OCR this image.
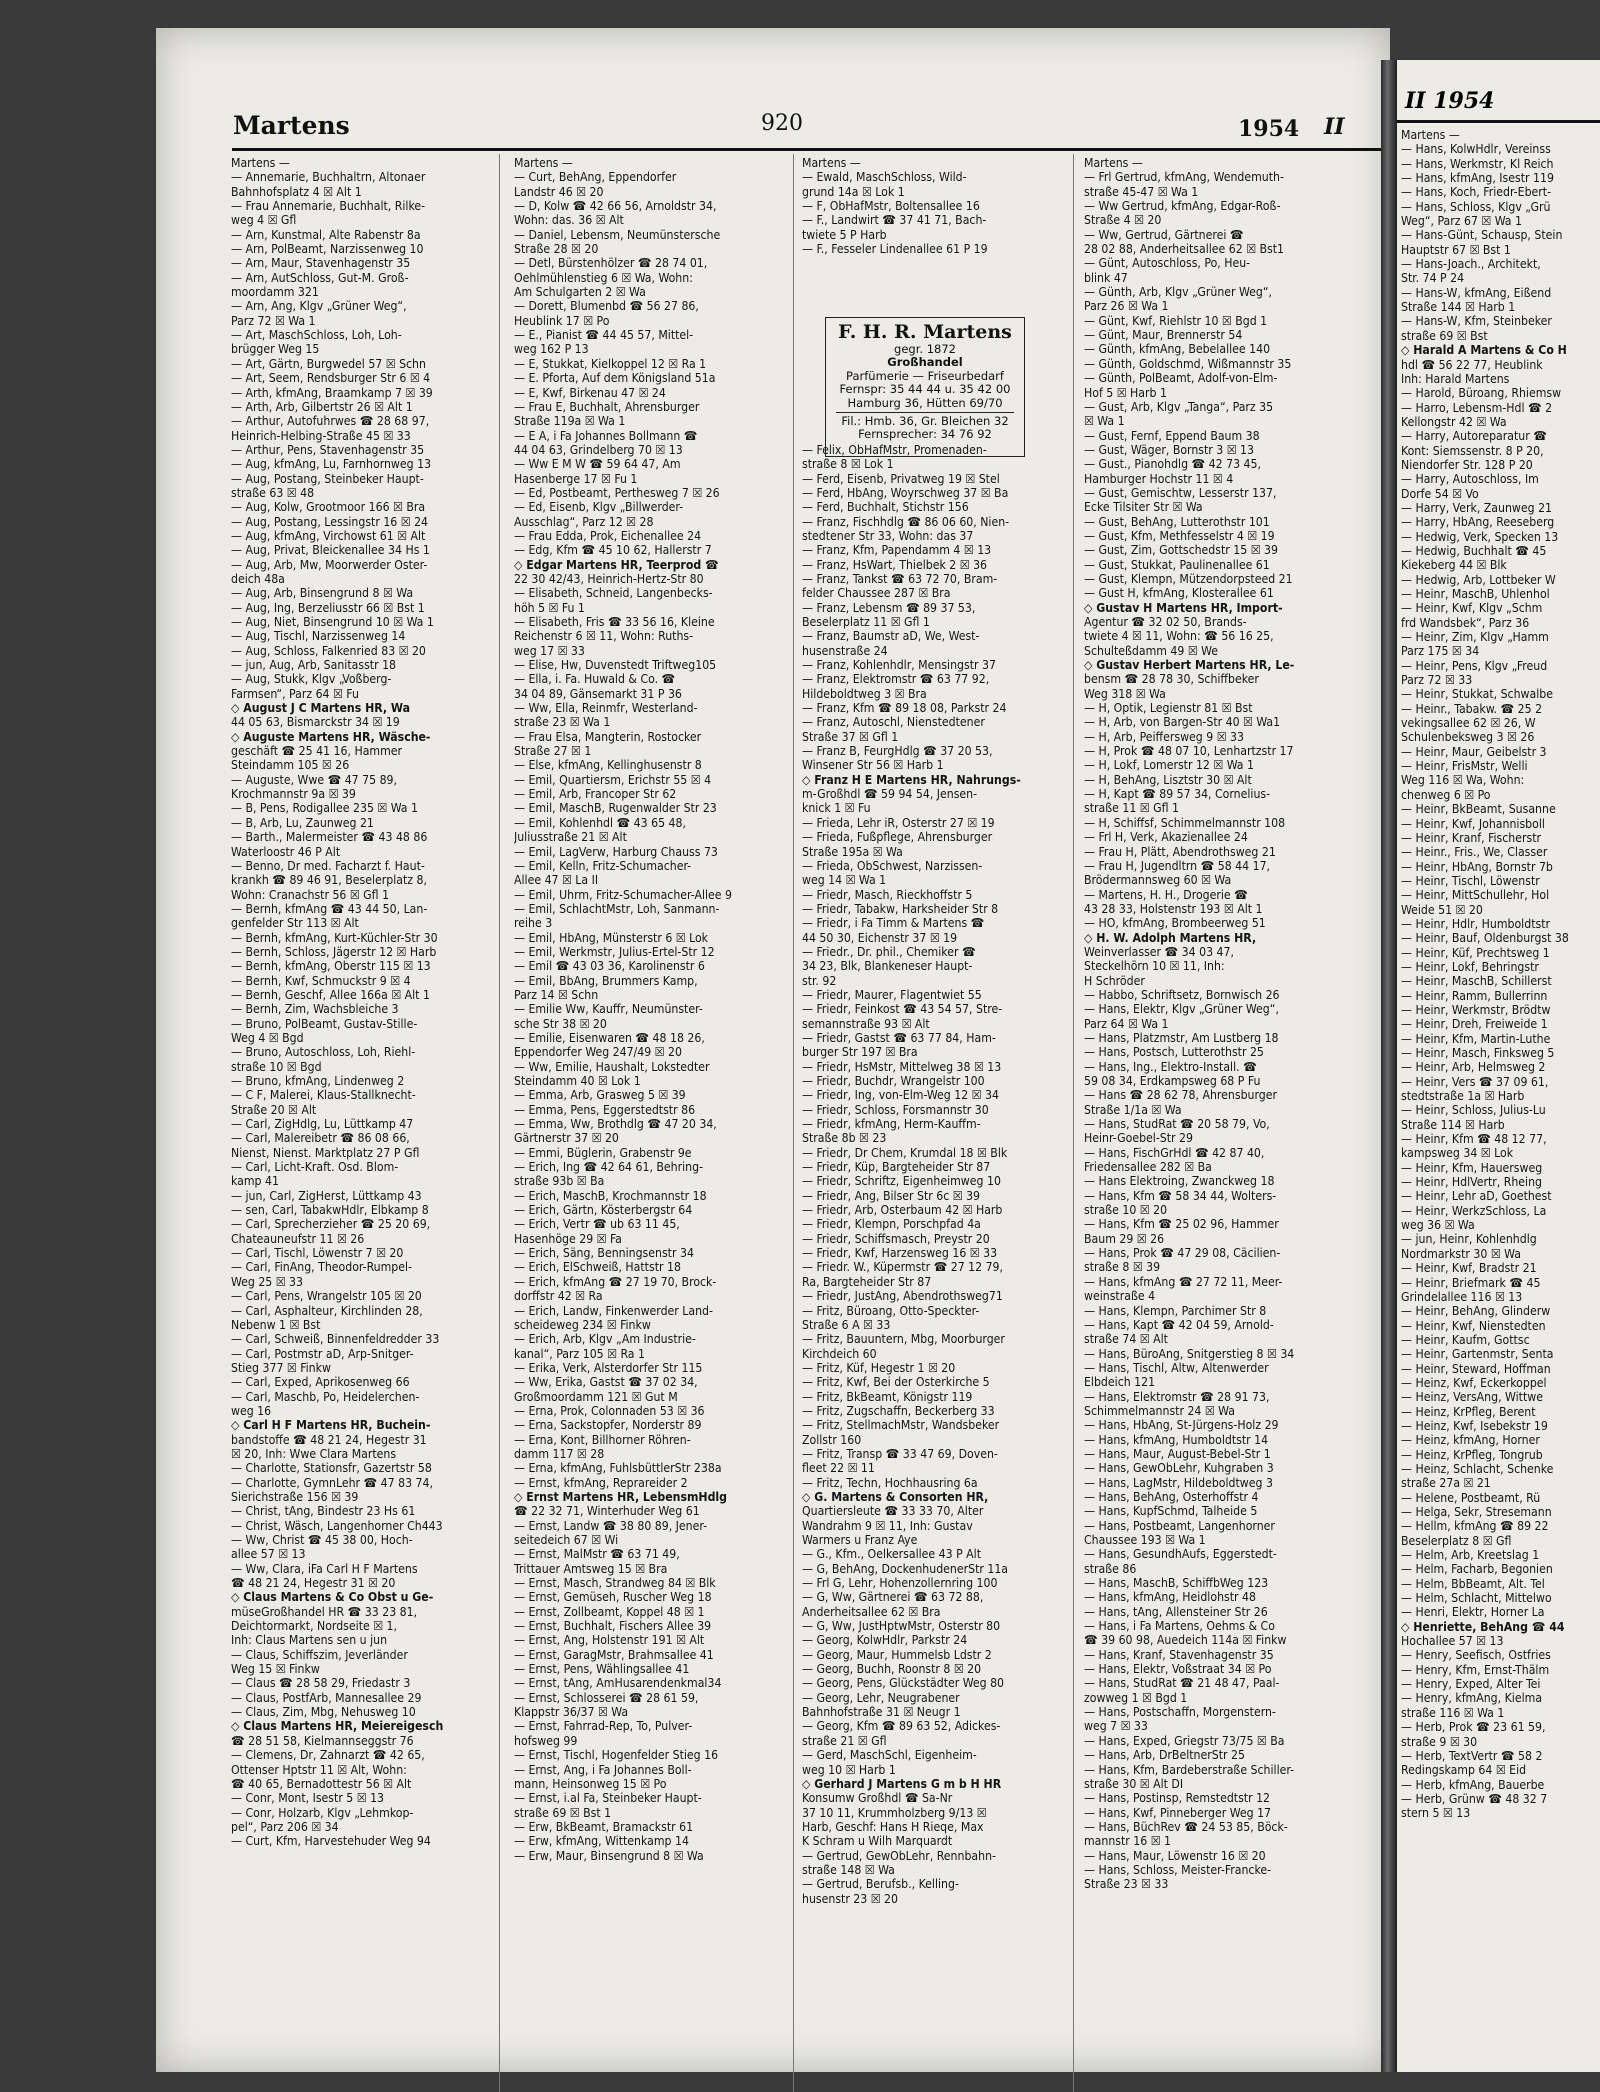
Martens	920	1954 II
Martens —
— Annemarie, Buchhaltrn, Altonaer
Bahnhofsplatz 4 ☒ Alt 1
— Frau Annemarie, Buchhalt, Rilke-
weg 4 ☒ Gfl
— Arn, Kunstmal, Alte Rabenstr 8a
— Arn, PolBeamt, Narzissenweg 10
— Arn, Maur, Stavenhagenstr 35
— Arn, AutSchloss, Gut-M. Groß-
moordamm 321
— Arn, Ang, Klgv „Grüner Weg“,
Parz 72 ☒ Wa 1
— Art, MaschSchloss, Loh, Loh-
brügger Weg 15
— Art, Gärtn, Burgwedel 57 ☒ Schn
— Art, Seem, Rendsburger Str 6 ☒ 4
— Arth, kfmAng, Braamkamp 7 ☒ 39
— Arth, Arb, Gilbertstr 26 ☒ Alt 1
— Arthur, Autofuhrwes ☎ 28 68 97,
Heinrich-Helbing-Straße 45 ☒ 33
— Arthur, Pens, Stavenhagenstr 35
— Aug, kfmAng, Lu, Farnhornweg 13
— Aug, Postang, Steinbeker Haupt-
straße 63 ☒ 48
— Aug, Kolw, Grootmoor 166 ☒ Bra
— Aug, Postang, Lessingstr 16 ☒ 24
— Aug, kfmAng, Virchowst 61 ☒ Alt
— Aug, Privat, Bleickenallee 34 Hs 1
— Aug, Arb, Mw, Moorwerder Oster-
deich 48a
— Aug, Arb, Binsengrund 8 ☒ Wa
— Aug, Ing, Berzeliusstr 66 ☒ Bst 1
— Aug, Niet, Binsengrund 10 ☒ Wa 1
— Aug, Tischl, Narzissenweg 14
— Aug, Schloss, Falkenried 83 ☒ 20
— jun, Aug, Arb, Sanitasstr 18
— Aug, Stukk, Klgv „Voßberg-
Farmsen“, Parz 64 ☒ Fu
◇ August J C Martens HR, Wa
44 05 63, Bismarckstr 34 ☒ 19
◇ Auguste Martens HR, Wäsche-
geschäft ☎ 25 41 16, Hammer
Steindamm 105 ☒ 26
— Auguste, Wwe ☎ 47 75 89,
Krochmannstr 9a ☒ 39
— B, Pens, Rodigallee 235 ☒ Wa 1
— B, Arb, Lu, Zaunweg 21
— Barth., Malermeister ☎ 43 48 86
Waterloostr 46 P Alt
— Benno, Dr med. Facharzt f. Haut-
krankh ☎ 89 46 91, Beselerplatz 8,
Wohn: Cranachstr 56 ☒ Gfl 1
— Bernh, kfmAng ☎ 43 44 50, Lan-
genfelder Str 113 ☒ Alt
— Bernh, kfmAng, Kurt-Küchler-Str 30
— Bernh, Schloss, Jägerstr 12 ☒ Harb
— Bernh, kfmAng, Oberstr 115 ☒ 13
— Bernh, Kwf, Schmuckstr 9 ☒ 4
— Bernh, Geschf, Allee 166a ☒ Alt 1
— Bernh, Zim, Wachsbleiche 3
— Bruno, PolBeamt, Gustav-Stille-
Weg 4 ☒ Bgd
— Bruno, Autoschloss, Loh, Riehl-
straße 10 ☒ Bgd
— Bruno, kfmAng, Lindenweg 2
— C F, Malerei, Klaus-Stallknecht-
Straße 20 ☒ Alt
— Carl, ZigHdlg, Lu, Lüttkamp 47
— Carl, Malereibetr ☎ 86 08 66,
Nienst, Nienst. Marktplatz 27 P Gfl
— Carl, Licht-Kraft. Osd. Blom-
kamp 41
— jun, Carl, ZigHerst, Lüttkamp 43
— sen, Carl, TabakwHdlr, Elbkamp 8
— Carl, Sprecherzieher ☎ 25 20 69,
Chateauneufstr 11 ☒ 26
— Carl, Tischl, Löwenstr 7 ☒ 20
— Carl, FinAng, Theodor-Rumpel-
Weg 25 ☒ 33
— Carl, Pens, Wrangelstr 105 ☒ 20
— Carl, Asphalteur, Kirchlinden 28,
Nebenw 1 ☒ Bst
— Carl, Schweiß, Binnenfeldredder 33
— Carl, Postmstr aD, Arp-Snitger-
Stieg 377 ☒ Finkw
— Carl, Exped, Aprikosenweg 66
— Carl, Maschb, Po, Heidelerchen-
weg 16
◇ Carl H F Martens HR, Buchein-
bandstoffe ☎ 48 21 24, Hegestr 31
☒ 20, Inh: Wwe Clara Martens
— Charlotte, Stationsfr, Gazertstr 58
— Charlotte, GymnLehr ☎ 47 83 74,
Sierichstraße 156 ☒ 39
— Christ, tAng, Bindestr 23 Hs 61
— Christ, Wäsch, Langenhorner Ch443
— Ww, Christ ☎ 45 38 00, Hoch-
allee 57 ☒ 13
— Ww, Clara, iFa Carl H F Martens
☎ 48 21 24, Hegestr 31 ☒ 20
◇ Claus Martens & Co Obst u Ge-
müseGroßhandel HR ☎ 33 23 81,
Deichtormarkt, Nordseite ☒ 1,
Inh: Claus Martens sen u jun
— Claus, Schiffszim, Jeverländer
Weg 15 ☒ Finkw
— Claus ☎ 28 58 29, Friedastr 3
— Claus, PostfArb, Mannesallee 29
— Claus, Zim, Mbg, Nehusweg 10
◇ Claus Martens HR, Meiereigesch
☎ 28 51 58, Kielmannseggstr 76
— Clemens, Dr, Zahnarzt ☎ 42 65,
Ottenser Hptstr 11 ☒ Alt, Wohn:
☎ 40 65, Bernadottestr 56 ☒ Alt
— Conr, Mont, Isestr 5 ☒ 13
— Conr, Holzarb, Klgv „Lehmkop-
pel“, Parz 206 ☒ 34
— Curt, Kfm, Harvestehuder Weg 94
Martens —
— Curt, BehAng, Eppendorfer
Landstr 46 ☒ 20
— D, Kolw ☎ 42 66 56, Arnoldstr 34,
Wohn: das. 36 ☒ Alt
— Daniel, Lebensm, Neumünstersche
Straße 28 ☒ 20
— Detl, Bürstenhölzer ☎ 28 74 01,
Oehlmühlenstieg 6 ☒ Wa, Wohn:
Am Schulgarten 2 ☒ Wa
— Dorett, Blumenbd ☎ 56 27 86,
Heublink 17 ☒ Po
— E., Pianist ☎ 44 45 57, Mittel-
weg 162 P 13
— E, Stukkat, Kielkoppel 12 ☒ Ra 1
— E. Pforta, Auf dem Königsland 51a
— E, Kwf, Birkenau 47 ☒ 24
— Frau E, Buchhalt, Ahrensburger
Straße 119a ☒ Wa 1
— E A, i Fa Johannes Bollmann ☎
44 04 63, Grindelberg 70 ☒ 13
— Ww E M W ☎ 59 64 47, Am
Hasenberge 17 ☒ Fu 1
— Ed, Postbeamt, Perthesweg 7 ☒ 26
— Ed, Eisenb, Klgv „Billwerder-
Ausschlag“, Parz 12 ☒ 28
— Frau Edda, Prok, Eichenallee 24
— Edg, Kfm ☎ 45 10 62, Hallerstr 7
◇ Edgar Martens HR, Teerprod ☎
22 30 42/43, Heinrich-Hertz-Str 80
— Elisabeth, Schneid, Langenbecks-
höh 5 ☒ Fu 1
— Elisabeth, Fris ☎ 33 56 16, Kleine
Reichenstr 6 ☒ 11, Wohn: Ruths-
weg 17 ☒ 33
— Elise, Hw, Duvenstedt Triftweg105
— Ella, i. Fa. Huwald & Co. ☎
34 04 89, Gänsemarkt 31 P 36
— Ww, Ella, Reinmfr, Westerland-
straße 23 ☒ Wa 1
— Frau Elsa, Mangterin, Rostocker
Straße 27 ☒ 1
— Else, kfmAng, Kellinghusenstr 8
— Emil, Quartiersm, Erichstr 55 ☒ 4
— Emil, Arb, Francoper Str 62
— Emil, MaschB, Rugenwalder Str 23
— Emil, Kohlenhdl ☎ 43 65 48,
Juliusstraße 21 ☒ Alt
— Emil, LagVerw, Harburg Chauss 73
— Emil, Kelln, Fritz-Schumacher-
Allee 47 ☒ La II
— Emil, Uhrm, Fritz-Schumacher-Allee 9
— Emil, SchlachtMstr, Loh, Sanmann-
reihe 3
— Emil, HbAng, Münsterstr 6 ☒ Lok
— Emil, Werkmstr, Julius-Ertel-Str 12
— Emil ☎ 43 03 36, Karolinenstr 6
— Emil, BbAng, Brummers Kamp,
Parz 14 ☒ Schn
— Emilie Ww, Kauffr, Neumünster-
sche Str 38 ☒ 20
— Emilie, Eisenwaren ☎ 48 18 26,
Eppendorfer Weg 247/49 ☒ 20
— Ww, Emilie, Haushalt, Lokstedter
Steindamm 40 ☒ Lok 1
— Emma, Arb, Grasweg 5 ☒ 39
— Emma, Pens, Eggerstedtstr 86
— Emma, Ww, Brothdlg ☎ 47 20 34,
Gärtnerstr 37 ☒ 20
— Emmi, Büglerin, Grabenstr 9e
— Erich, Ing ☎ 42 64 61, Behring-
straße 93b ☒ Ba
— Erich, MaschB, Krochmannstr 18
— Erich, Gärtn, Kösterbergstr 64
— Erich, Vertr ☎ ub 63 11 45,
Hasenhöge 29 ☒ Fa
— Erich, Säng, Benningsenstr 34
— Erich, ElSchweiß, Hattstr 18
— Erich, kfmAng ☎ 27 19 70, Brock-
dorffstr 42 ☒ Ra
— Erich, Landw, Finkenwerder Land-
scheideweg 234 ☒ Finkw
— Erich, Arb, Klgv „Am Industrie-
kanal“, Parz 105 ☒ Ra 1
— Erika, Verk, Alsterdorfer Str 115
— Ww, Erika, Gastst ☎ 37 02 34,
Großmoordamm 121 ☒ Gut M
— Erna, Prok, Colonnaden 53 ☒ 36
— Erna, Sackstopfer, Norderstr 89
— Erna, Kont, Billhorner Röhren-
damm 117 ☒ 28
— Erna, kfmAng, FuhlsbüttlerStr 238a
— Ernst, kfmAng, Reprareider 2
◇ Ernst Martens HR, LebensmHdlg
☎ 22 32 71, Winterhuder Weg 61
— Ernst, Landw ☎ 38 80 89, Jener-
seitedeich 67 ☒ Wi
— Ernst, MalMstr ☎ 63 71 49,
Trittauer Amtsweg 15 ☒ Bra
— Ernst, Masch, Strandweg 84 ☒ Blk
— Ernst, Gemüseh, Ruscher Weg 18
— Ernst, Zollbeamt, Koppel 48 ☒ 1
— Ernst, Buchhalt, Fischers Allee 39
— Ernst, Ang, Holstenstr 191 ☒ Alt
— Ernst, GaragMstr, Brahmsallee 41
— Ernst, Pens, Wählingsallee 41
— Ernst, tAng, AmHusarendenkmal34
— Ernst, Schlosserei ☎ 28 61 59,
Klappstr 36/37 ☒ Wa
— Ernst, Fahrrad-Rep, To, Pulver-
hofsweg 99
— Ernst, Tischl, Hogenfelder Stieg 16
— Ernst, Ang, i Fa Johannes Boll-
mann, Heinsonweg 15 ☒ Po
— Ernst, i.al Fa, Steinbeker Haupt-
straße 69 ☒ Bst 1
— Erw, BkBeamt, Bramackstr 61
— Erw, kfmAng, Wittenkamp 14
— Erw, Maur, Binsengrund 8 ☒ Wa
Martens —
— Ewald, MaschSchloss, Wild-
grund 14a ☒ Lok 1
— F, ObHafMstr, Boltensallee 16
— F., Landwirt ☎ 37 41 71, Bach-
twiete 5 P Harb
— F., Fesseler Lindenallee 61 P 19
— Felix, ObHafMstr, Promenaden-
straße 8 ☒ Lok 1
— Ferd, Eisenb, Privatweg 19 ☒ Stel
— Ferd, HbAng, Woyrschweg 37 ☒ Ba
— Ferd, Buchhalt, Stichstr 156
— Franz, Fischhdlg ☎ 86 06 60, Nien-
stedtener Str 33, Wohn: das 37
— Franz, Kfm, Papendamm 4 ☒ 13
— Franz, HsWart, Thielbek 2 ☒ 36
— Franz, Tankst ☎ 63 72 70, Bram-
felder Chaussee 287 ☒ Bra
— Franz, Lebensm ☎ 89 37 53,
Beselerplatz 11 ☒ Gfl 1
— Franz, Baumstr aD, We, West-
husenstraße 24
— Franz, Kohlenhdlr, Mensingstr 37
— Franz, Elektromstr ☎ 63 77 92,
Hildeboldtweg 3 ☒ Bra
— Franz, Kfm ☎ 89 18 08, Parkstr 24
— Franz, Autoschl, Nienstedtener
Straße 37 ☒ Gfl 1
— Franz B, FeurgHdlg ☎ 37 20 53,
Winsener Str 56 ☒ Harb 1
◇ Franz H E Martens HR, Nahrungs-
m-Großhdl ☎ 59 94 54, Jensen-
knick 1 ☒ Fu
— Frieda, Lehr iR, Osterstr 27 ☒ 19
— Frieda, Fußpflege, Ahrensburger
Straße 195a ☒ Wa
— Frieda, ObSchwest, Narzissen-
weg 14 ☒ Wa 1
— Friedr, Masch, Rieckhoffstr 5
— Friedr, Tabakw, Harksheider Str 8
— Friedr, i Fa Timm & Martens ☎
44 50 30, Eichenstr 37 ☒ 19
— Friedr., Dr. phil., Chemiker ☎
34 23, Blk, Blankeneser Haupt-
str. 92
— Friedr, Maurer, Flagentwiet 55
— Friedr, Feinkost ☎ 43 54 57, Stre-
semannstraße 93 ☒ Alt
— Friedr, Gastst ☎ 63 77 84, Ham-
burger Str 197 ☒ Bra
— Friedr, HsMstr, Mittelweg 38 ☒ 13
— Friedr, Buchdr, Wrangelstr 100
— Friedr, Ing, von-Elm-Weg 12 ☒ 34
— Friedr, Schloss, Forsmannstr 30
— Friedr, kfmAng, Herm-Kauffm-
Straße 8b ☒ 23
— Friedr, Dr Chem, Krumdal 18 ☒ Blk
— Friedr, Küp, Bargteheider Str 87
— Friedr, Schriftz, Eigenheimweg 10
— Friedr, Ang, Bilser Str 6c ☒ 39
— Friedr, Arb, Osterbaum 42 ☒ Harb
— Friedr, Klempn, Porschpfad 4a
— Friedr, Schiffsmasch, Preystr 20
— Friedr, Kwf, Harzensweg 16 ☒ 33
— Friedr. W., Küpermstr ☎ 27 12 79,
Ra, Bargteheider Str 87
— Friedr, JustAng, Abendrothsweg71
— Fritz, Büroang, Otto-Speckter-
Straße 6 A ☒ 33
— Fritz, Bauuntern, Mbg, Moorburger
Kirchdeich 60
— Fritz, Küf, Hegestr 1 ☒ 20
— Fritz, Kwf, Bei der Osterkirche 5
— Fritz, BkBeamt, Königstr 119
— Fritz, Zugschaffn, Beckerberg 33
— Fritz, StellmachMstr, Wandsbeker
Zollstr 160
— Fritz, Transp ☎ 33 47 69, Doven-
fleet 22 ☒ 11
— Fritz, Techn, Hochhausring 6a
◇ G. Martens & Consorten HR,
Quartiersleute ☎ 33 33 70, Alter
Wandrahm 9 ☒ 11, Inh: Gustav
Warmers u Franz Aye
— G., Kfm., Oelkersallee 43 P Alt
— G, BehAng, DockenhudenerStr 11a
— Frl G, Lehr, Hohenzollernring 100
— G, Ww, Gärtnerei ☎ 63 72 88,
Anderheitsallee 62 ☒ Bra
— G, Ww, JustHptwMstr, Osterstr 80
— Georg, KolwHdlr, Parkstr 24
— Georg, Maur, Hummelsb Ldstr 2
— Georg, Buchh, Roonstr 8 ☒ 20
— Georg, Pens, Glückstädter Weg 80
— Georg, Lehr, Neugrabener
Bahnhofstraße 31 ☒ Neugr 1
— Georg, Kfm ☎ 89 63 52, Adickes-
straße 21 ☒ Gfl
— Gerd, MaschSchl, Eigenheim-
weg 10 ☒ Harb 1
◇ Gerhard J Martens G m b H HR
Konsumw Großhdl ☎ Sa-Nr
37 10 11, Krummholzberg 9/13 ☒
Harb, Geschf: Hans H Rieqe, Max
K Schram u Wilh Marquardt
— Gertrud, GewObLehr, Rennbahn-
straße 148 ☒ Wa
— Gertrud, Berufsb., Kelling-
husenstr 23 ☒ 20
Martens —
— Frl Gertrud, kfmAng, Wendemuth-
straße 45-47 ☒ Wa 1
— Ww Gertrud, kfmAng, Edgar-Roß-
Straße 4 ☒ 20
— Ww, Gertrud, Gärtnerei ☎
28 02 88, Anderheitsallee 62 ☒ Bst1
— Günt, Autoschloss, Po, Heu-
blink 47
— Günth, Arb, Klgv „Grüner Weg“,
Parz 26 ☒ Wa 1
— Günt, Kwf, Riehlstr 10 ☒ Bgd 1
— Günt, Maur, Brennerstr 54
— Günth, kfmAng, Bebelallee 140
— Günth, Goldschmd, Wißmannstr 35
— Günth, PolBeamt, Adolf-von-Elm-
Hof 5 ☒ Harb 1
— Gust, Arb, Klgv „Tanga“, Parz 35
☒ Wa 1
— Gust, Fernf, Eppend Baum 38
— Gust, Wäger, Bornstr 3 ☒ 13
— Gust., Pianohdlg ☎ 42 73 45,
Hamburger Hochstr 11 ☒ 4
— Gust, Gemischtw, Lesserstr 137,
Ecke Tilsiter Str ☒ Wa
— Gust, BehAng, Lutterothstr 101
— Gust, Kfm, Methfesselstr 4 ☒ 19
— Gust, Zim, Gottschedstr 15 ☒ 39
— Gust, Stukkat, Paulinenallee 61
— Gust, Klempn, Mützendorpsteed 21
— Gust H, kfmAng, Klosterallee 61
◇ Gustav H Martens HR, Import-
Agentur ☎ 32 02 50, Brands-
twiete 4 ☒ 11, Wohn: ☎ 56 16 25,
Schulteßdamm 49 ☒ We
◇ Gustav Herbert Martens HR, Le-
bensm ☎ 28 78 30, Schiffbeker
Weg 318 ☒ Wa
— H, Optik, Legienstr 81 ☒ Bst
— H, Arb, von Bargen-Str 40 ☒ Wa1
— H, Arb, Peiffersweg 9 ☒ 33
— H, Prok ☎ 48 07 10, Lenhartzstr 17
— H, Lokf, Lomerstr 12 ☒ Wa 1
— H, BehAng, Lisztstr 30 ☒ Alt
— H, Kapt ☎ 89 57 34, Cornelius-
straße 11 ☒ Gfl 1
— H, Schiffsf, Schimmelmannstr 108
— Frl H, Verk, Akazienallee 24
— Frau H, Plätt, Abendrothsweg 21
— Frau H, Jugendltrn ☎ 58 44 17,
Brödermannsweg 60 ☒ Wa
— Martens, H. H., Drogerie ☎
43 28 33, Holstenstr 193 ☒ Alt 1
— HO, kfmAng, Brombeerweg 51
◇ H. W. Adolph Martens HR,
Weinverlasser ☎ 34 03 47,
Steckelhörn 10 ☒ 11, Inh:
H Schröder
— Habbo, Schriftsetz, Bornwisch 26
— Hans, Elektr, Klgv „Grüner Weg“,
Parz 64 ☒ Wa 1
— Hans, Platzmstr, Am Lustberg 18
— Hans, Postsch, Lutterothstr 25
— Hans, Ing., Elektro-Install. ☎
59 08 34, Erdkampsweg 68 P Fu
— Hans ☎ 28 62 78, Ahrensburger
Straße 1/1a ☒ Wa
— Hans, StudRat ☎ 20 58 79, Vo,
Heinr-Goebel-Str 29
— Hans, FischGrHdl ☎ 42 87 40,
Friedensallee 282 ☒ Ba
— Hans Elektroing, Zwanckweg 18
— Hans, Kfm ☎ 58 34 44, Wolters-
straße 10 ☒ 20
— Hans, Kfm ☎ 25 02 96, Hammer
Baum 29 ☒ 26
— Hans, Prok ☎ 47 29 08, Cäcilien-
straße 8 ☒ 39
— Hans, kfmAng ☎ 27 72 11, Meer-
weinstraße 4
— Hans, Klempn, Parchimer Str 8
— Hans, Kapt ☎ 42 04 59, Arnold-
straße 74 ☒ Alt
— Hans, BüroAng, Snitgerstieg 8 ☒ 34
— Hans, Tischl, Altw, Altenwerder
Elbdeich 121
— Hans, Elektromstr ☎ 28 91 73,
Schimmelmannstr 24 ☒ Wa
— Hans, HbAng, St-Jürgens-Holz 29
— Hans, kfmAng, Humboldtstr 14
— Hans, Maur, August-Bebel-Str 1
— Hans, GewObLehr, Kuhgraben 3
— Hans, LagMstr, Hildeboldtweg 3
— Hans, BehAng, Osterhoffstr 4
— Hans, KupfSchmd, Talheide 5
— Hans, Postbeamt, Langenhorner
Chaussee 193 ☒ Wa 1
— Hans, GesundhAufs, Eggerstedt-
straße 86
— Hans, MaschB, SchiffbWeg 123
— Hans, kfmAng, Heidlohstr 48
— Hans, tAng, Allensteiner Str 26
— Hans, i Fa Martens, Oehms & Co
☎ 39 60 98, Auedeich 114a ☒ Finkw
— Hans, Kranf, Stavenhagenstr 35
— Hans, Elektr, Voßstraat 34 ☒ Po
— Hans, StudRat ☎ 21 48 47, Paal-
zowweg 1 ☒ Bgd 1
— Hans, Postschaffn, Morgenstern-
weg 7 ☒ 33
— Hans, Exped, Griegstr 73/75 ☒ Ba
— Hans, Arb, DrBeltnerStr 25
— Hans, Kfm, Bardeberstraße Schiller-
straße 30 ☒ Alt DI
— Hans, Postinsp, Remstedtstr 12
— Hans, Kwf, Pinneberger Weg 17
— Hans, BüchRev ☎ 24 53 85, Böck-
mannstr 16 ☒ 1
— Hans, Maur, Löwenstr 16 ☒ 20
— Hans, Schloss, Meister-Francke-
Straße 23 ☒ 33
F. H. R. Martens
gegr. 1872
Großhandel
Parfümerie — Friseurbedarf
Fernspr: 35 44 44 u. 35 42 00
Hamburg 36, Hütten 69/70
Fil.: Hmb. 36, Gr. Bleichen 32
Fernsprecher: 34 76 92
II 1954
Martens —
— Hans, KolwHdlr, Vereinss
— Hans, Werkmstr, Kl Reich
— Hans, kfmAng, Isestr 119
— Hans, Koch, Friedr-Ebert-
— Hans, Schloss, Klgv „Grü
Weg“, Parz 67 ☒ Wa 1
— Hans-Günt, Schausp, Stein
Hauptstr 67 ☒ Bst 1
— Hans-Joach., Architekt,
Str. 74 P 24
— Hans-W, kfmAng, Eißend
Straße 144 ☒ Harb 1
— Hans-W, Kfm, Steinbeker
straße 69 ☒ Bst
◇ Harald A Martens & Co H
hdl ☎ 56 22 77, Heublink
Inh: Harald Martens
— Harold, Büroang, Rhiemsw
— Harro, Lebensm-Hdl ☎ 2
Kellongstr 42 ☒ Wa
— Harry, Autoreparatur ☎
Kont: Siemssenstr. 8 P 20,
Niendorfer Str. 128 P 20
— Harry, Autoschloss, Im
Dorfe 54 ☒ Vo
— Harry, Verk, Zaunweg 21
— Harry, HbAng, Reeseberg
— Hedwig, Verk, Specken 13
— Hedwig, Buchhalt ☎ 45
Kiekeberg 44 ☒ Blk
— Hedwig, Arb, Lottbeker W
— Heinr, MaschB, Uhlenhol
— Heinr, Kwf, Klgv „Schm
frd Wandsbek“, Parz 36
— Heinr, Zim, Klgv „Hamm
Parz 175 ☒ 34
— Heinr, Pens, Klgv „Freud
Parz 72 ☒ 33
— Heinr, Stukkat, Schwalbe
— Heinr., Tabakw. ☎ 25 2
vekingsallee 62 ☒ 26, W
Schulenbeksweg 3 ☒ 26
— Heinr, Maur, Geibelstr 3
— Heinr, FrisMstr, Welli
Weg 116 ☒ Wa, Wohn:
chenweg 6 ☒ Po
— Heinr, BkBeamt, Susanne
— Heinr, Kwf, Johannisboll
— Heinr, Kranf, Fischerstr
— Heinr., Fris., We, Classer
— Heinr, HbAng, Bornstr 7b
— Heinr, Tischl, Löwenstr
— Heinr, MittSchullehr, Hol
Weide 51 ☒ 20
— Heinr, Hdlr, Humboldtstr
— Heinr, Bauf, Oldenburgst 38
— Heinr, Küf, Prechtsweg 1
— Heinr, Lokf, Behringstr
— Heinr, MaschB, Schillerst
— Heinr, Ramm, Bullerrinn
— Heinr, Werkmstr, Brödtw
— Heinr, Dreh, Freiweide 1
— Heinr, Kfm, Martin-Luthe
— Heinr, Masch, Finksweg 5
— Heinr, Arb, Helmsweg 2
— Heinr, Vers ☎ 37 09 61,
stedtstraße 1a ☒ Harb
— Heinr, Schloss, Julius-Lu
Straße 114 ☒ Harb
— Heinr, Kfm ☎ 48 12 77,
kampsweg 34 ☒ Lok
— Heinr, Kfm, Hauersweg
— Heinr, HdlVertr, Rheing
— Heinr, Lehr aD, Goethest
— Heinr, WerkzSchloss, La
weg 36 ☒ Wa
— jun, Heinr, Kohlenhdlg
Nordmarkstr 30 ☒ Wa
— Heinr, Kwf, Bradstr 21
— Heinr, Briefmark ☎ 45
Grindelallee 116 ☒ 13
— Heinr, BehAng, Glinderw
— Heinr, Kwf, Nienstedten
— Heinr, Kaufm, Gottsc
— Heinr, Gartenmstr, Senta
— Heinr, Steward, Hoffman
— Heinz, Kwf, Eckerkoppel
— Heinz, VersAng, Wittwe
— Heinz, KrPfleg, Berent
— Heinz, Kwf, Isebekstr 19
— Heinz, kfmAng, Horner
— Heinz, KrPfleg, Tongrub
— Heinz, Schlacht, Schenke
straße 27a ☒ 21
— Helene, Postbeamt, Rü
— Helga, Sekr, Stresemann
— Hellm, kfmAng ☎ 89 22
Beselerplatz 8 ☒ Gfl
— Helm, Arb, Kreetslag 1
— Helm, Facharb, Begonien
— Helm, BbBeamt, Alt. Tel
— Helm, Schlacht, Mittelwo
— Henri, Elektr, Horner La
◇ Henriette, BehAng ☎ 44
Hochallee 57 ☒ 13
— Henry, Seefisch, Ostfries
— Henry, Kfm, Ernst-Thälm
— Henry, Exped, Alter Tei
— Henry, kfmAng, Kielma
straße 116 ☒ Wa 1
— Herb, Prok ☎ 23 61 59,
straße 9 ☒ 30
— Herb, TextVertr ☎ 58 2
Redingskamp 64 ☒ Eid
— Herb, kfmAng, Bauerbe
— Herb, Grünw ☎ 48 32 7
stern 5 ☒ 13
